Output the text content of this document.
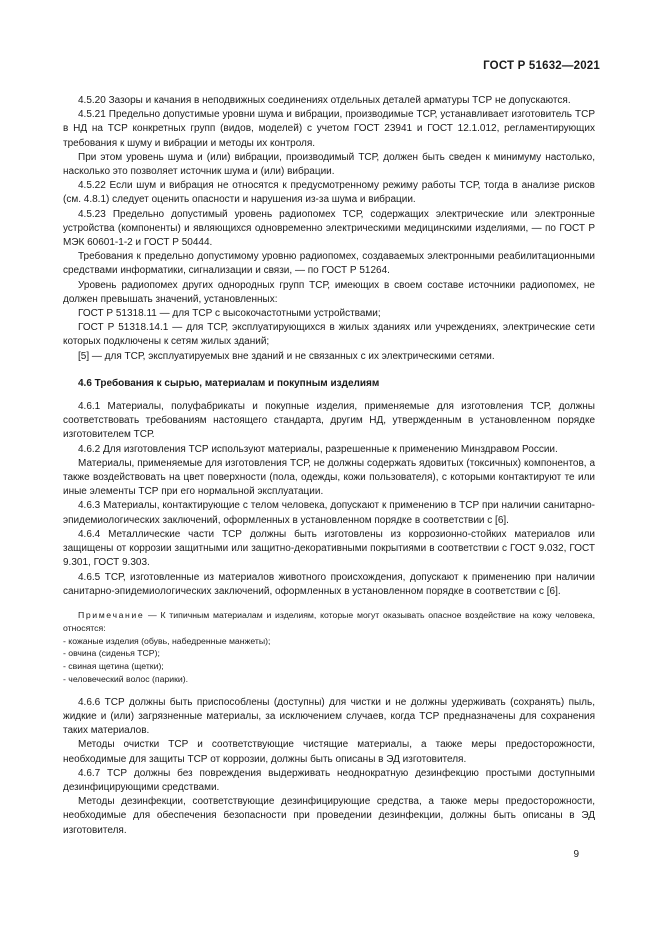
ГОСТ Р 51632—2021

4.5.20 Зазоры и качания в неподвижных соединениях отдельных деталей арматуры ТСР не допускаются.

4.5.21 Предельно допустимые уровни шума и вибрации, производимые ТСР, устанавливает изготовитель ТСР в НД на ТСР конкретных групп (видов, моделей) с учетом ГОСТ 23941 и ГОСТ 12.1.012, регламентирующих требования к шуму и вибрации и методы их контроля.

При этом уровень шума и (или) вибрации, производимый ТСР, должен быть сведен к минимуму настолько, насколько это позволяет источник шума и (или) вибрации.

4.5.22 Если шум и вибрация не относятся к предусмотренному режиму работы ТСР, тогда в анализе рисков (см. 4.8.1) следует оценить опасности и нарушения из-за шума и вибрации.

4.5.23 Предельно допустимый уровень радиопомех ТСР, содержащих электрические или электронные устройства (компоненты) и являющихся одновременно электрическими медицинскими изделиями, — по ГОСТ Р МЭК 60601-1-2 и ГОСТ Р 50444.

Требования к предельно допустимому уровню радиопомех, создаваемых электронными реабилитационными средствами информатики, сигнализации и связи, — по ГОСТ Р 51264.

Уровень радиопомех других однородных групп ТСР, имеющих в своем составе источники радиопомех, не должен превышать значений, установленных:

ГОСТ Р 51318.11 — для ТСР с высокочастотными устройствами;

ГОСТ Р 51318.14.1 — для ТСР, эксплуатирующихся в жилых зданиях или учреждениях, электрические сети которых подключены к сетям жилых зданий;

[5] — для ТСР, эксплуатируемых вне зданий и не связанных с их электрическими сетями.

4.6 Требования к сырью, материалам и покупным изделиям

4.6.1 Материалы, полуфабрикаты и покупные изделия, применяемые для изготовления ТСР, должны соответствовать требованиям настоящего стандарта, другим НД, утвержденным в установленном порядке изготовителем ТСР.

4.6.2 Для изготовления ТСР используют материалы, разрешенные к применению Минздравом России.

Материалы, применяемые для изготовления ТСР, не должны содержать ядовитых (токсичных) компонентов, а также воздействовать на цвет поверхности (пола, одежды, кожи пользователя), с которыми контактируют те или иные элементы ТСР при его нормальной эксплуатации.

4.6.3 Материалы, контактирующие с телом человека, допускают к применению в ТСР при наличии санитарно-эпидемиологических заключений, оформленных в установленном порядке в соответствии с [6].

4.6.4 Металлические части ТСР должны быть изготовлены из коррозионно-стойких материалов или защищены от коррозии защитными или защитно-декоративными покрытиями в соответствии с ГОСТ 9.032, ГОСТ 9.301, ГОСТ 9.303.

4.6.5 ТСР, изготовленные из материалов животного происхождения, допускают к применению при наличии санитарно-эпидемиологических заключений, оформленных в установленном порядке в соответствии с [6].

Примечание — К типичным материалам и изделиям, которые могут оказывать опасное воздействие на кожу человека, относятся:

- кожаные изделия (обувь, набедренные манжеты);

- овчина (сиденья ТСР);

- свиная щетина (щетки);

- человеческий волос (парики).

4.6.6 ТСР должны быть приспособлены (доступны) для чистки и не должны удерживать (сохранять) пыль, жидкие и (или) загрязненные материалы, за исключением случаев, когда ТСР предназначены для сохранения таких материалов.

Методы очистки ТСР и соответствующие чистящие материалы, а также меры предосторожности, необходимые для защиты ТСР от коррозии, должны быть описаны в ЭД изготовителя.

4.6.7 ТСР должны без повреждения выдерживать неоднократную дезинфекцию простыми доступными дезинфицирующими средствами.

Методы дезинфекции, соответствующие дезинфицирующие средства, а также меры предосторожности, необходимые для обеспечения безопасности при проведении дезинфекции, должны быть описаны в ЭД изготовителя.

9
